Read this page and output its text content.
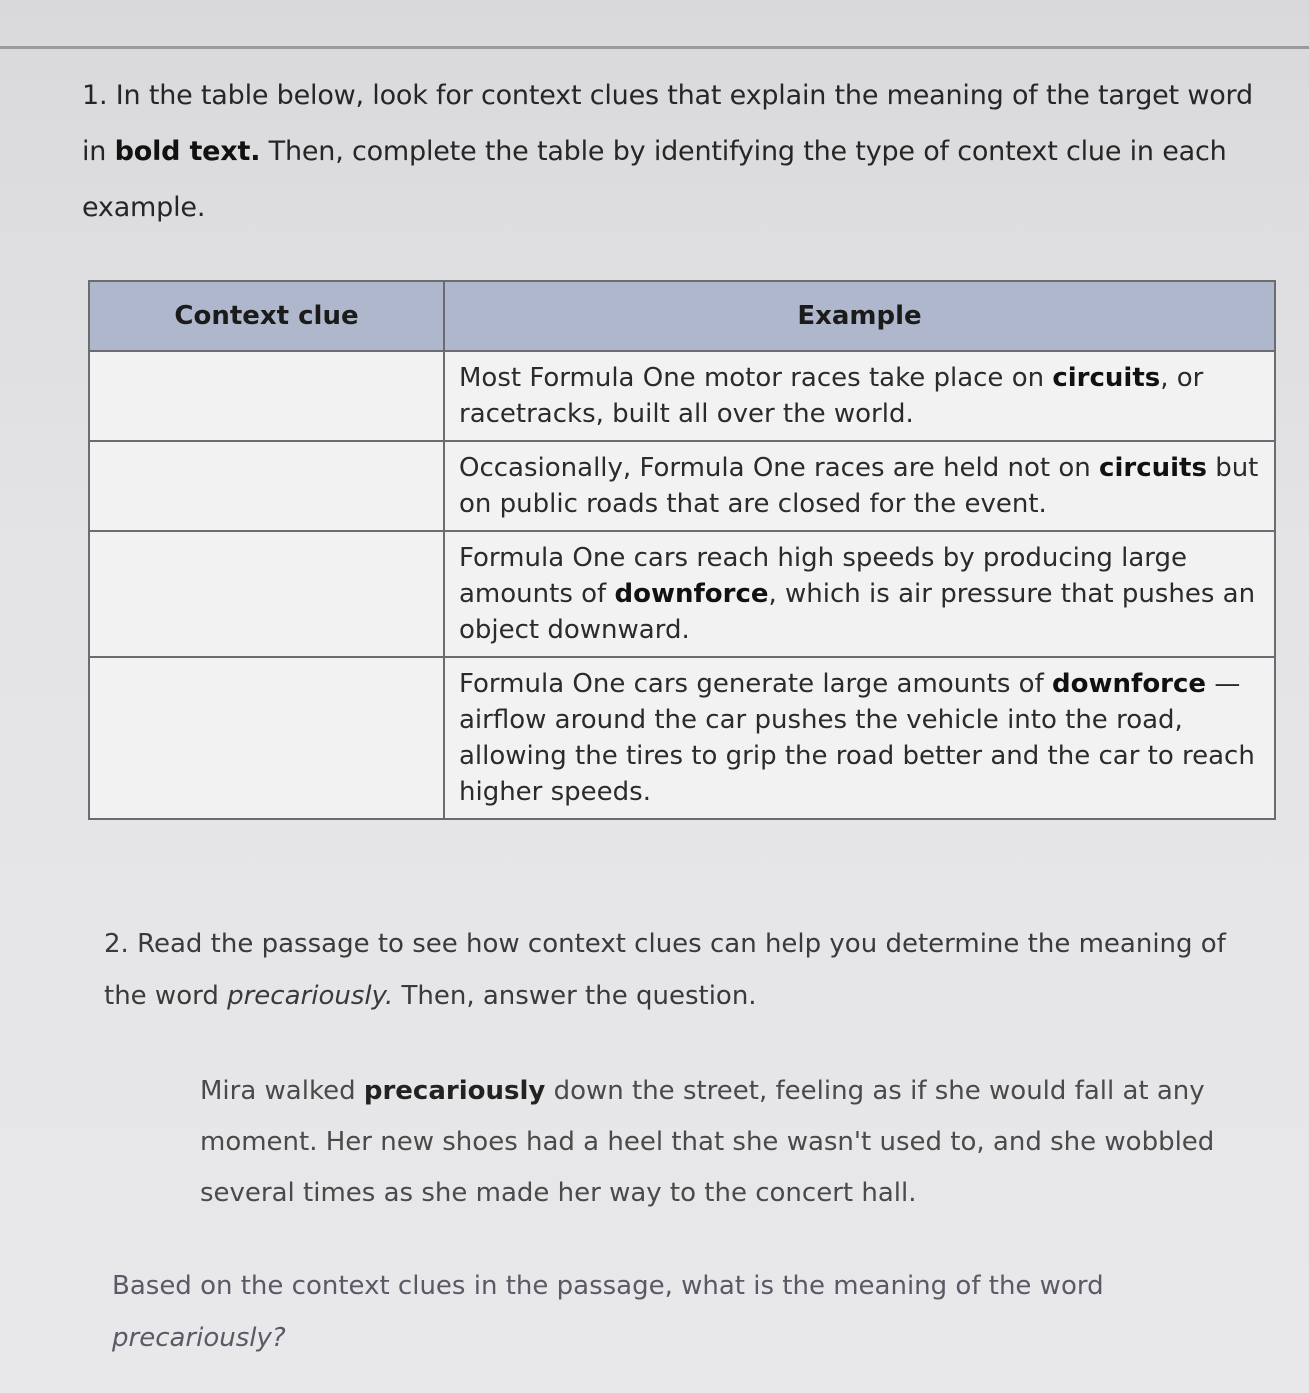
1. In the table below, look for context clues that explain the meaning of the target word in bold text. Then, complete the table by identifying the type of context clue in each example.
Context clue	Example
	Most Formula One motor races take place on circuits, or racetracks, built all over the world.
	Occasionally, Formula One races are held not on circuits but on public roads that are closed for the event.
	Formula One cars reach high speeds by producing large amounts of downforce, which is air pressure that pushes an object downward.
	Formula One cars generate large amounts of downforce — airflow around the car pushes the vehicle into the road, allowing the tires to grip the road better and the car to reach higher speeds.
2. Read the passage to see how context clues can help you determine the meaning of the word precariously. Then, answer the question.
Mira walked precariously down the street, feeling as if she would fall at any moment. Her new shoes had a heel that she wasn't used to, and she wobbled several times as she made her way to the concert hall.
Based on the context clues in the passage, what is the meaning of the word precariously?
